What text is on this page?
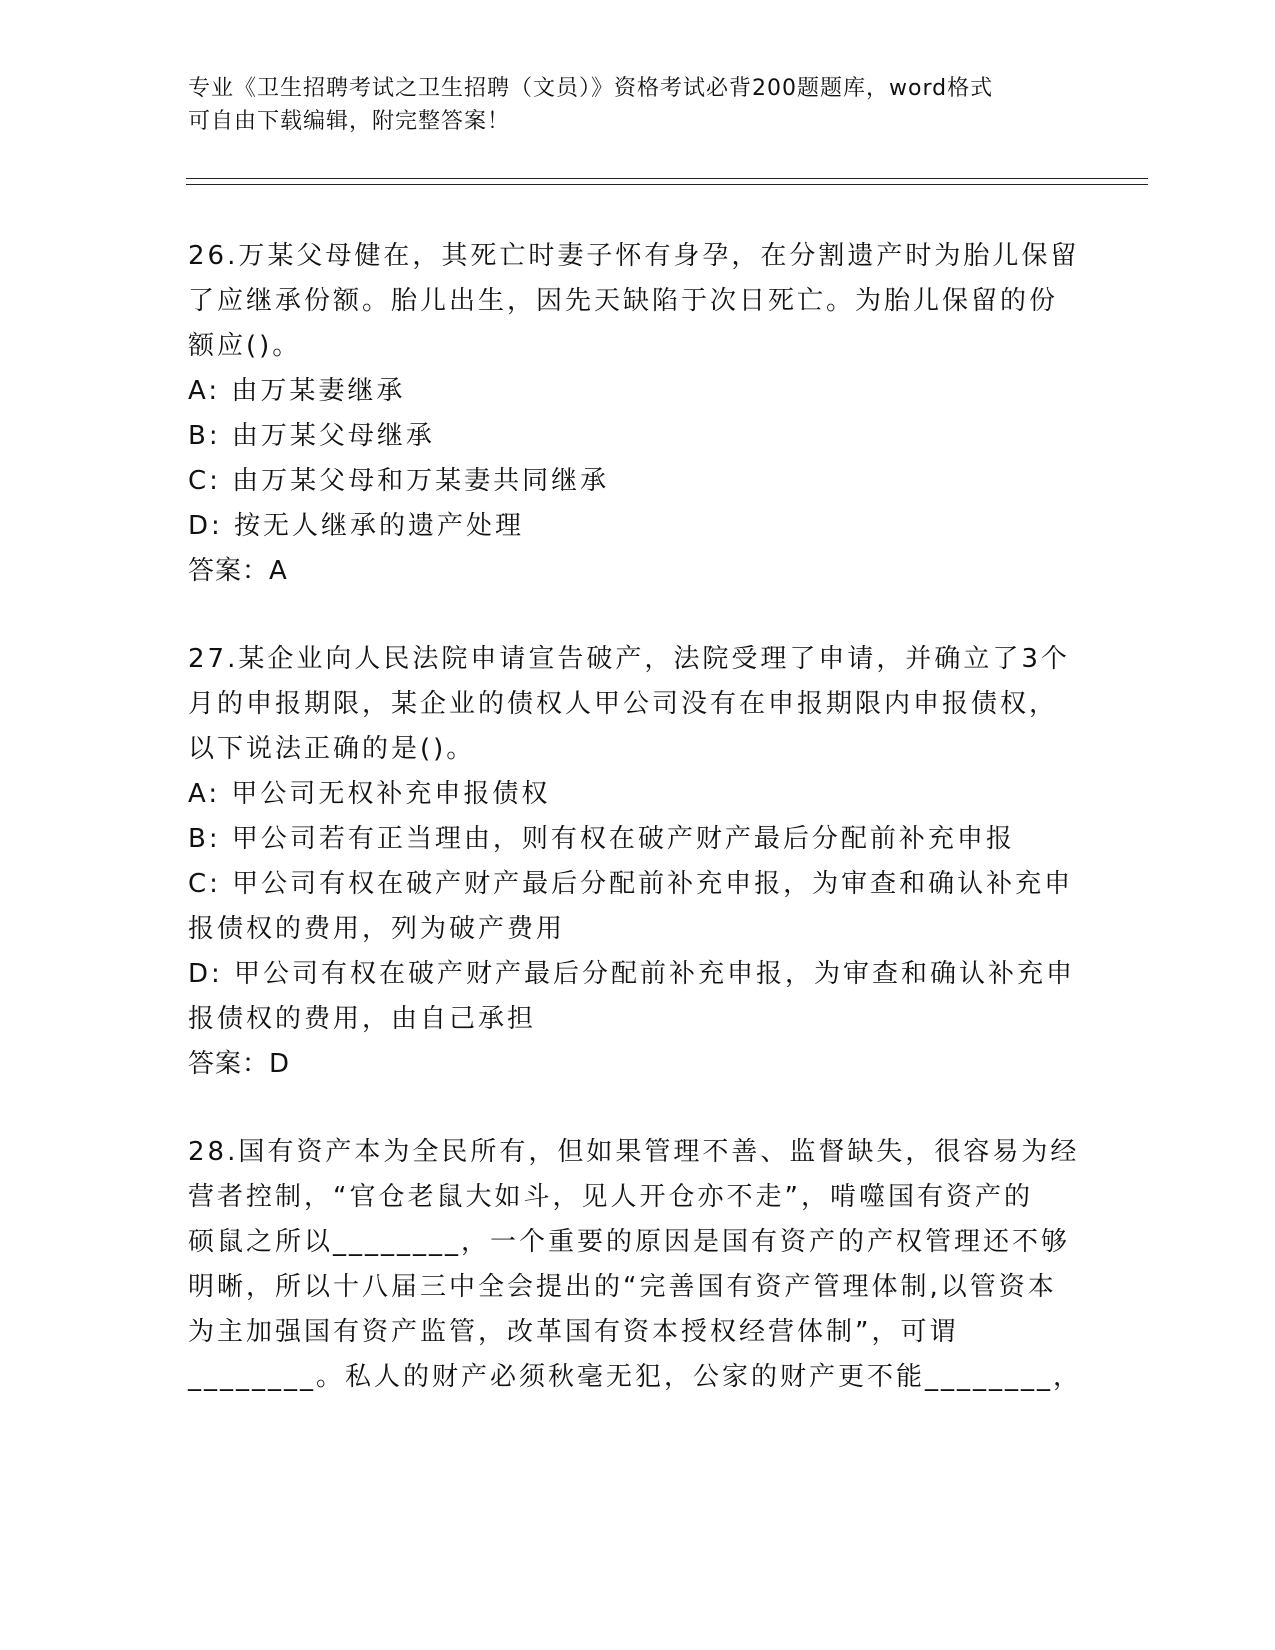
专业《卫生招聘考试之卫生招聘（文员）》资格考试必背200题题库，word格式
可自由下载编辑，附完整答案！
26.万某父母健在，其死亡时妻子怀有身孕，在分割遗产时为胎儿保留
了应继承份额。胎儿出生，因先天缺陷于次日死亡。为胎儿保留的份
额应()。
A: 由万某妻继承
B: 由万某父母继承
C: 由万某父母和万某妻共同继承
D: 按无人继承的遗产处理
答案：A
27.某企业向人民法院申请宣告破产，法院受理了申请，并确立了3个
月的申报期限，某企业的债权人甲公司没有在申报期限内申报债权，
以下说法正确的是()。
A: 甲公司无权补充申报债权
B: 甲公司若有正当理由，则有权在破产财产最后分配前补充申报
C: 甲公司有权在破产财产最后分配前补充申报，为审查和确认补充申
报债权的费用，列为破产费用
D: 甲公司有权在破产财产最后分配前补充申报，为审查和确认补充申
报债权的费用，由自己承担
答案：D
28.国有资产本为全民所有，但如果管理不善、监督缺失，很容易为经
营者控制，“官仓老鼠大如斗，见人开仓亦不走”，啃噬国有资产的
硕鼠之所以________，一个重要的原因是国有资产的产权管理还不够
明晰，所以十八届三中全会提出的“完善国有资产管理体制,以管资本
为主加强国有资产监管，改革国有资本授权经营体制”，可谓
________。私人的财产必须秋毫无犯，公家的财产更不能________，
